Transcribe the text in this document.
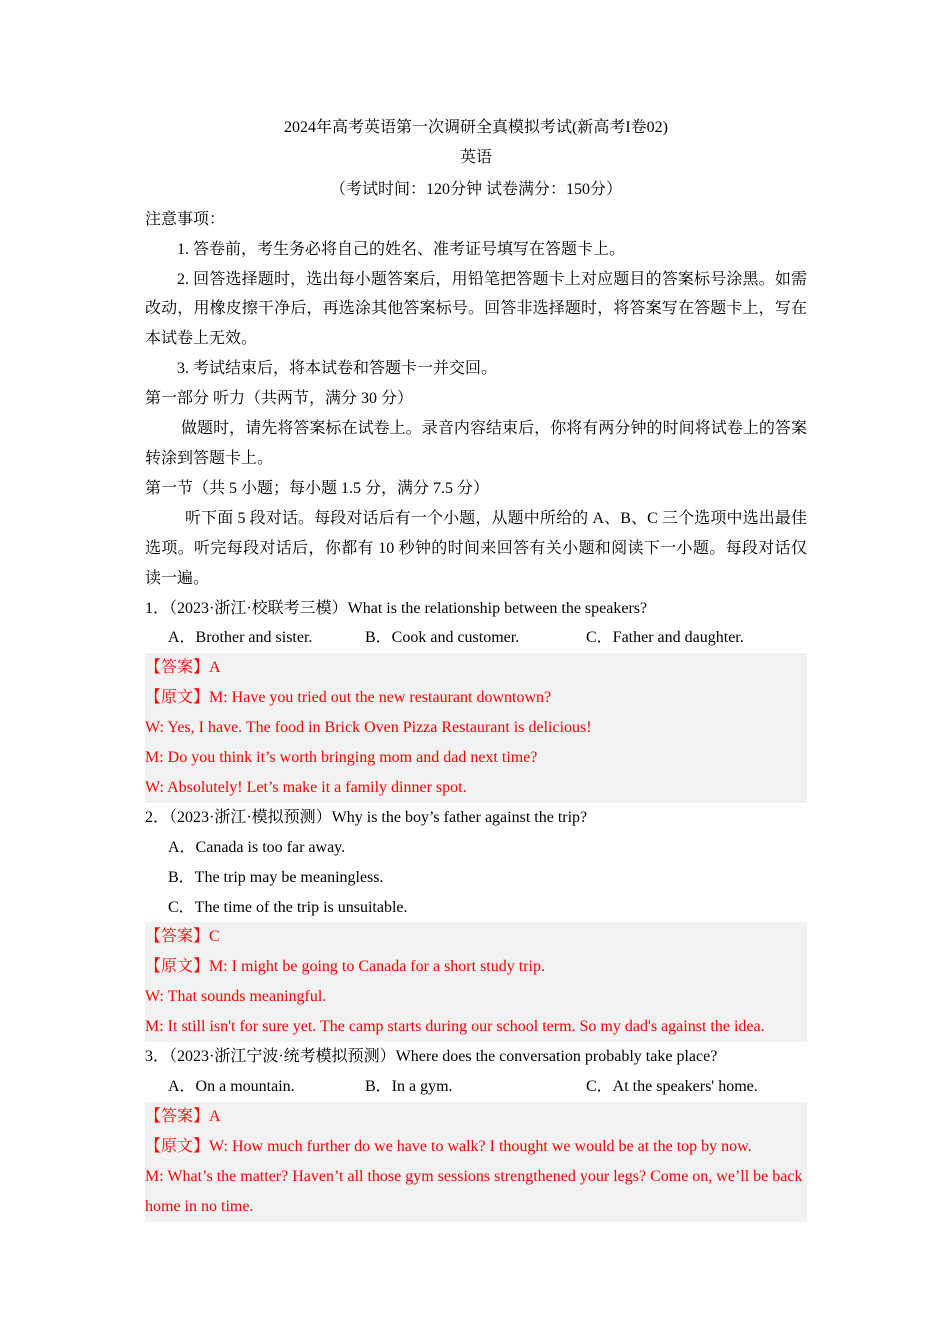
2024年高考英语第一次调研全真模拟考试(新高考I卷02)
英语
（考试时间：120分钟 试卷满分：150分）
注意事项：
1. 答卷前，考生务必将自己的姓名、准考证号填写在答题卡上。
2. 回答选择题时，选出每小题答案后，用铅笔把答题卡上对应题目的答案标号涂黑。如需改动，用橡皮擦干净后，再选涂其他答案标号。回答非选择题时，将答案写在答题卡上，写在本试卷上无效。
3. 考试结束后，将本试卷和答题卡一并交回。
第一部分 听力（共两节，满分 30 分）
做题时，请先将答案标在试卷上。录音内容结束后，你将有两分钟的时间将试卷上的答案转涂到答题卡上。
第一节（共 5 小题；每小题 1.5 分，满分 7.5 分）
听下面 5 段对话。每段对话后有一个小题，从题中所给的 A、B、C 三个选项中选出最佳选项。听完每段对话后，你都有 10 秒钟的时间来回答有关小题和阅读下一小题。每段对话仅读一遍。
1．（2023·浙江·校联考三模）What is the relationship between the speakers?
A．Brother and sister.	B．Cook and customer.	C．Father and daughter.
【答案】A
【原文】M: Have you tried out the new restaurant downtown?
W: Yes, I have. The food in Brick Oven Pizza Restaurant is delicious!
M: Do you think it’s worth bringing mom and dad next time?
W: Absolutely! Let’s make it a family dinner spot.
2．（2023·浙江·模拟预测）Why is the boy’s father against the trip?
A．Canada is too far away.
B．The trip may be meaningless.
C．The time of the trip is unsuitable.
【答案】C
【原文】M: I might be going to Canada for a short study trip.
W: That sounds meaningful.
M: It still isn't for sure yet. The camp starts during our school term. So my dad's against the idea.
3．（2023·浙江宁波·统考模拟预测）Where does the conversation probably take place?
A．On a mountain.	B．In a gym.	C．At the speakers' home.
【答案】A
【原文】W: How much further do we have to walk? I thought we would be at the top by now.
M: What’s the matter? Haven’t all those gym sessions strengthened your legs? Come on, we’ll be back home in no time.
